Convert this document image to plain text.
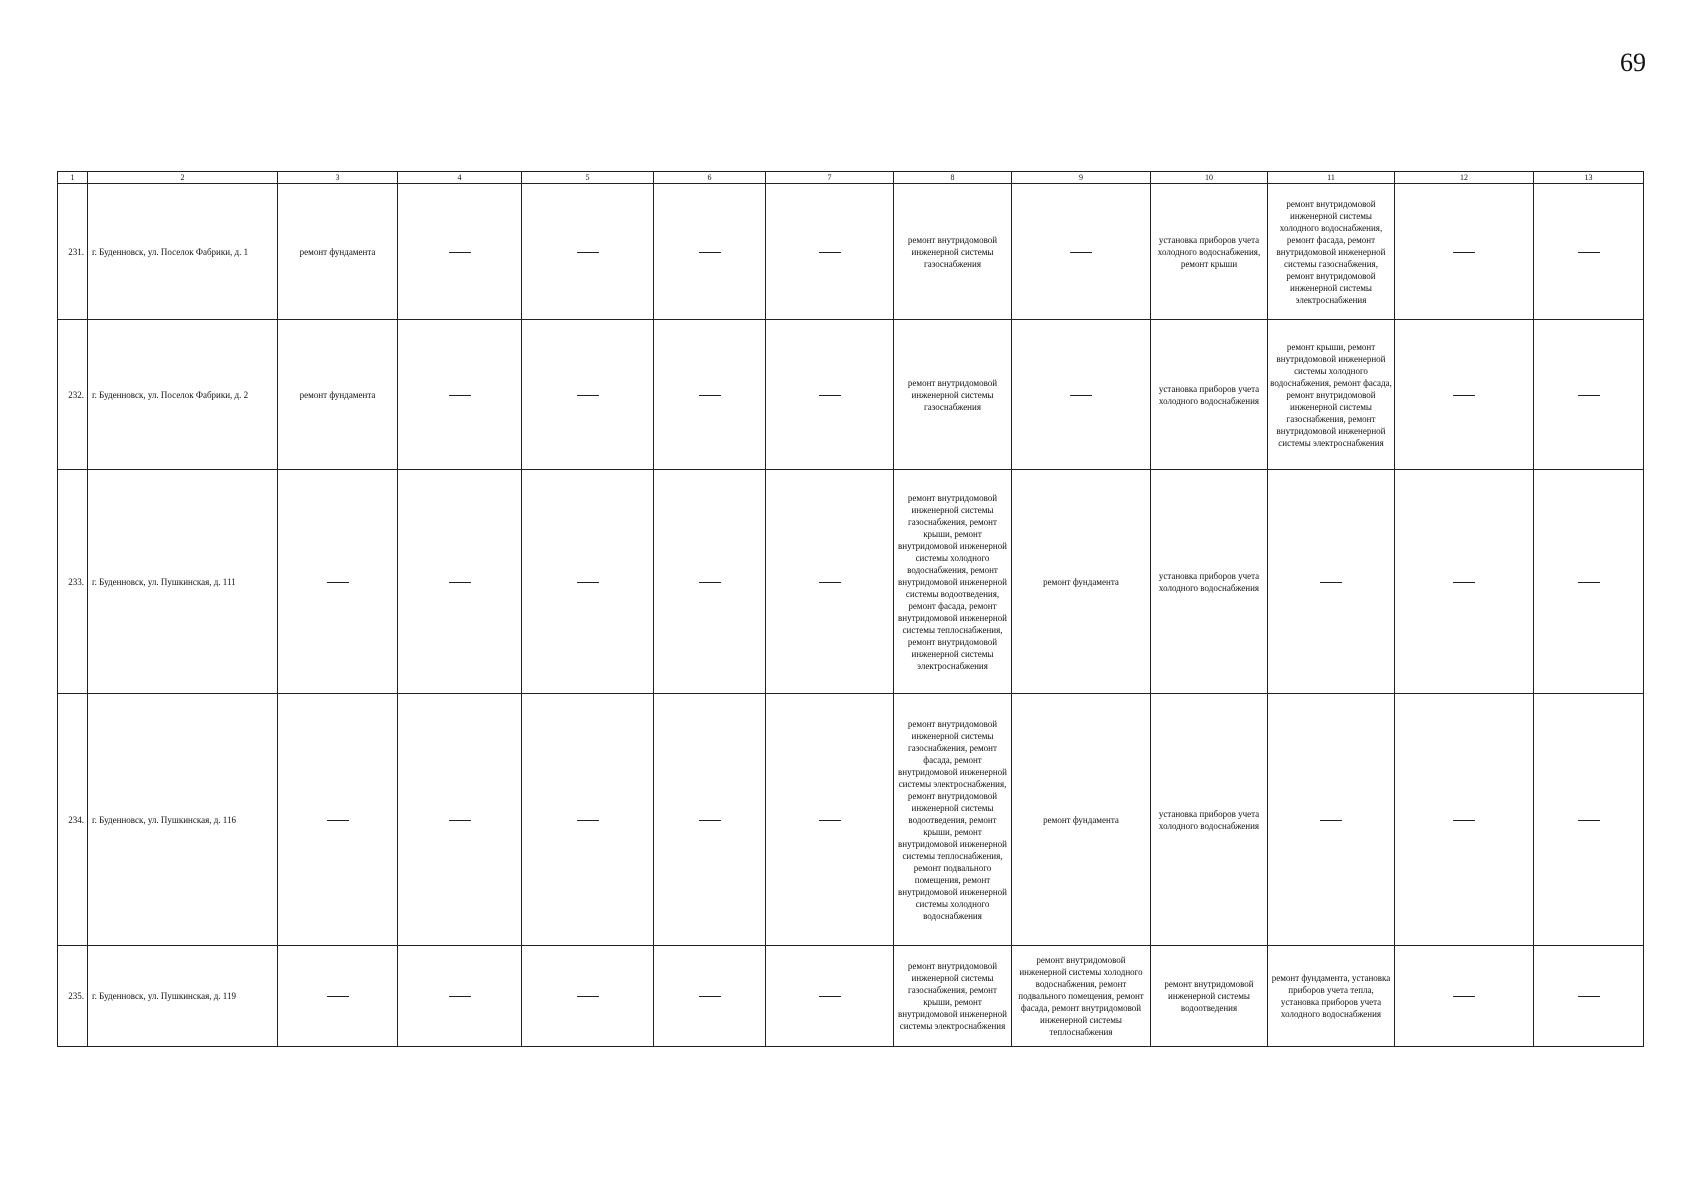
69
1	2	3	4	5	6	7	8	9	10	11	12	13
231.	г. Буденновск, ул. Поселок Фабрики, д. 1	ремонт фундамента					ремонт внутридомовой инженерной системы газоснабжения		установка приборов учета холодного водоснабжения, ремонт крыши	ремонт внутридомовой инженерной системы холодного водоснабжения, ремонт фасада, ремонт внутридомовой инженерной системы газоснабжения, ремонт внутридомовой инженерной системы электроснабжения		
232.	г. Буденновск, ул. Поселок Фабрики, д. 2	ремонт фундамента					ремонт внутридомовой инженерной системы газоснабжения		установка приборов учета холодного водоснабжения	ремонт крыши, ремонт внутридомовой инженерной системы холодного водоснабжения, ремонт фасада, ремонт внутридомовой инженерной системы газоснабжения, ремонт внутридомовой инженерной системы электроснабжения		
233.	г. Буденновск, ул. Пушкинская, д. 111						ремонт внутридомовой инженерной системы газоснабжения, ремонт крыши, ремонт внутридомовой инженерной системы холодного водоснабжения, ремонт внутридомовой инженерной системы водоотведения, ремонт фасада, ремонт внутридомовой инженерной системы теплоснабжения, ремонт внутридомовой инженерной системы электроснабжения	ремонт фундамента	установка приборов учета холодного водоснабжения			
234.	г. Буденновск, ул. Пушкинская, д. 116						ремонт внутридомовой инженерной системы газоснабжения, ремонт фасада, ремонт внутридомовой инженерной системы электроснабжения, ремонт внутридомовой инженерной системы водоотведения, ремонт крыши, ремонт внутридомовой инженерной системы теплоснабжения, ремонт подвального помещения, ремонт внутридомовой инженерной системы холодного водоснабжения	ремонт фундамента	установка приборов учета холодного водоснабжения			
235.	г. Буденновск, ул. Пушкинская, д. 119						ремонт внутридомовой инженерной системы газоснабжения, ремонт крыши, ремонт внутридомовой инженерной системы электроснабжения	ремонт внутридомовой инженерной системы холодного водоснабжения, ремонт подвального помещения, ремонт фасада, ремонт внутридомовой инженерной системы теплоснабжения	ремонт внутридомовой инженерной системы водоотведения	ремонт фундамента, установка приборов учета тепла, установка приборов учета холодного водоснабжения		
